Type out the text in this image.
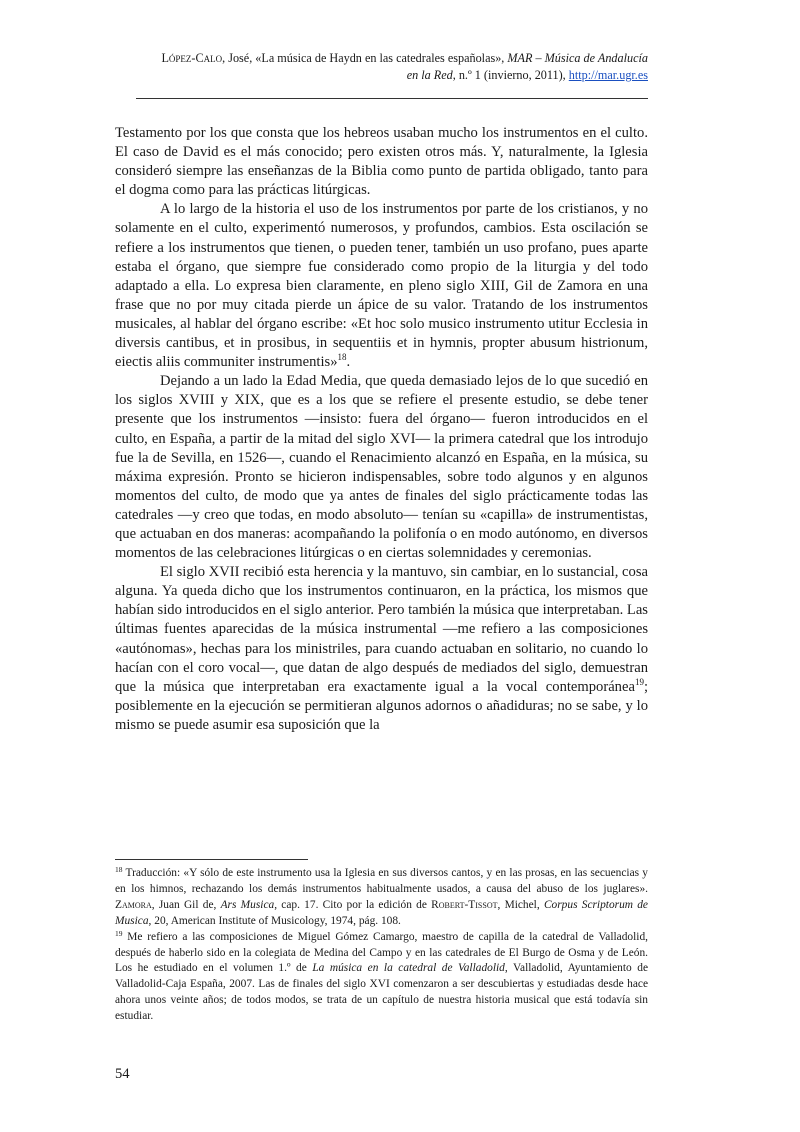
López-Calo, José, «La música de Haydn en las catedrales españolas», MAR – Música de Andalucía
en la Red, n.º 1 (invierno, 2011), http://mar.ugr.es

Testamento por los que consta que los hebreos usaban mucho los instrumentos en el culto. El caso de David es el más conocido; pero existen otros más. Y, naturalmente, la Iglesia consideró siempre las enseñanzas de la Biblia como punto de partida obligado, tanto para el dogma como para las prácticas litúrgicas.

A lo largo de la historia el uso de los instrumentos por parte de los cristianos, y no solamente en el culto, experimentó numerosos, y profundos, cambios. Esta oscilación se refiere a los instrumentos que tienen, o pueden tener, también un uso profano, pues aparte estaba el órgano, que siempre fue considerado como propio de la liturgia y del todo adaptado a ella. Lo expresa bien claramente, en pleno siglo XIII, Gil de Zamora en una frase que no por muy citada pierde un ápice de su valor. Tratando de los instrumentos musicales, al hablar del órgano escribe: «Et hoc solo musico instrumento utitur Ecclesia in diversis cantibus, et in prosibus, in sequentiis et in hymnis, propter abusum histrionum, eiectis aliis communiter instrumentis»$^{18}$.

Dejando a un lado la Edad Media, que queda demasiado lejos de lo que sucedió en los siglos XVIII y XIX, que es a los que se refiere el presente estudio, se debe tener presente que los instrumentos —insisto: fuera del órgano— fueron introducidos en el culto, en España, a partir de la mitad del siglo XVI— la primera catedral que los introdujo fue la de Sevilla, en 1526—, cuando el Renacimiento alcanzó en España, en la música, su máxima expresión. Pronto se hicieron indispensables, sobre todo algunos y en algunos momentos del culto, de modo que ya antes de finales del siglo prácticamente todas las catedrales —y creo que todas, en modo absoluto— tenían su «capilla» de instrumentistas, que actuaban en dos maneras: acompañando la polifonía o en modo autónomo, en diversos momentos de las celebraciones litúrgicas o en ciertas solemnidades y ceremonias.

El siglo XVII recibió esta herencia y la mantuvo, sin cambiar, en lo sustancial, cosa alguna. Ya queda dicho que los instrumentos continuaron, en la práctica, los mismos que habían sido introducidos en el siglo anterior. Pero también la música que interpretaban. Las últimas fuentes aparecidas de la música instrumental —me refiero a las composiciones «autónomas», hechas para los ministriles, para cuando actuaban en solitario, no cuando lo hacían con el coro vocal—, que datan de algo después de mediados del siglo, demuestran que la música que interpretaban era exactamente igual a la vocal contemporánea$^{19}$; posiblemente en la ejecución se permitieran algunos adornos o añadiduras; no se sabe, y lo mismo se puede asumir esa suposición que la

$^{18}$ Traducción: «Y sólo de este instrumento usa la Iglesia en sus diversos cantos, y en las prosas, en las secuencias y en los himnos, rechazando los demás instrumentos habitualmente usados, a causa del abuso de los juglares». Zamora, Juan Gil de, Ars Musica, cap. 17. Cito por la edición de Robert-Tissot, Michel, Corpus Scriptorum de Musica, 20, American Institute of Musicology, 1974, pág. 108.

$^{19}$ Me refiero a las composiciones de Miguel Gómez Camargo, maestro de capilla de la catedral de Valladolid, después de haberlo sido en la colegiata de Medina del Campo y en las catedrales de El Burgo de Osma y de León. Los he estudiado en el volumen 1.º de La música en la catedral de Valladolid, Valladolid, Ayuntamiento de Valladolid-Caja España, 2007. Las de finales del siglo XVI comenzaron a ser descubiertas y estudiadas desde hace ahora unos veinte años; de todos modos, se trata de un capítulo de nuestra historia musical que está todavía sin estudiar.

54
